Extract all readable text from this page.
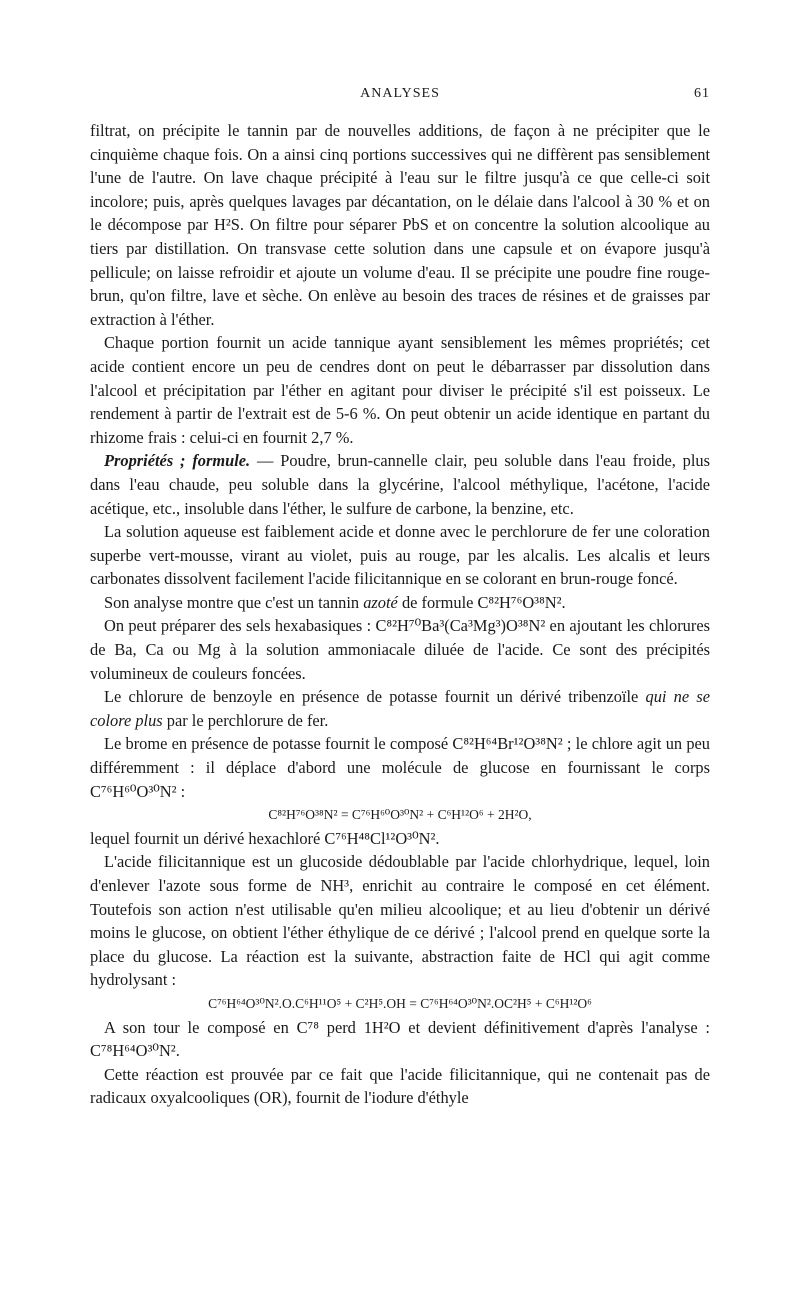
ANALYSES	61

filtrat, on précipite le tannin par de nouvelles additions, de façon à ne précipiter que le cinquième chaque fois. On a ainsi cinq portions successives qui ne diffèrent pas sensiblement l'une de l'autre. On lave chaque précipité à l'eau sur le filtre jusqu'à ce que celle-ci soit incolore; puis, après quelques lavages par décantation, on le délaie dans l'alcool à 30 % et on le décompose par H²S. On filtre pour séparer PbS et on concentre la solution alcoolique au tiers par distillation. On transvase cette solution dans une capsule et on évapore jusqu'à pellicule; on laisse refroidir et ajoute un volume d'eau. Il se précipite une poudre fine rouge-brun, qu'on filtre, lave et sèche. On enlève au besoin des traces de résines et de graisses par extraction à l'éther.

Chaque portion fournit un acide tannique ayant sensiblement les mêmes propriétés; cet acide contient encore un peu de cendres dont on peut le débarrasser par dissolution dans l'alcool et précipitation par l'éther en agitant pour diviser le précipité s'il est poisseux. Le rendement à partir de l'extrait est de 5-6 %. On peut obtenir un acide identique en partant du rhizome frais : celui-ci en fournit 2,7 %.

Propriétés ; formule. — Poudre, brun-cannelle clair, peu soluble dans l'eau froide, plus dans l'eau chaude, peu soluble dans la glycérine, l'alcool méthylique, l'acétone, l'acide acétique, etc., insoluble dans l'éther, le sulfure de carbone, la benzine, etc.

La solution aqueuse est faiblement acide et donne avec le perchlorure de fer une coloration superbe vert-mousse, virant au violet, puis au rouge, par les alcalis. Les alcalis et leurs carbonates dissolvent facilement l'acide filicitannique en se colorant en brun-rouge foncé.

Son analyse montre que c'est un tannin azoté de formule C⁸²H⁷⁶O³⁸N².

On peut préparer des sels hexabasiques : C⁸²H⁷⁰Ba³(Ca³Mg³)O³⁸N² en ajoutant les chlorures de Ba, Ca ou Mg à la solution ammoniacale diluée de l'acide. Ce sont des précipités volumineux de couleurs foncées.

Le chlorure de benzoyle en présence de potasse fournit un dérivé tribenzoïle qui ne se colore plus par le perchlorure de fer.

Le brome en présence de potasse fournit le composé C⁸²H⁶⁴Br¹²O³⁸N² ; le chlore agit un peu différemment : il déplace d'abord une molécule de glucose en fournissant le corps C⁷⁶H⁶⁰O³⁰N² :

C⁸²H⁷⁶O³⁸N² = C⁷⁶H⁶⁰O³⁰N² + C⁶H¹²O⁶ + 2H²O,

lequel fournit un dérivé hexachloré C⁷⁶H⁴⁸Cl¹²O³⁰N².

L'acide filicitannique est un glucoside dédoublable par l'acide chlorhydrique, lequel, loin d'enlever l'azote sous forme de NH³, enrichit au contraire le composé en cet élément. Toutefois son action n'est utilisable qu'en milieu alcoolique; et au lieu d'obtenir un dérivé moins le glucose, on obtient l'éther éthylique de ce dérivé ; l'alcool prend en quelque sorte la place du glucose. La réaction est la suivante, abstraction faite de HCl qui agit comme hydrolysant :

C⁷⁶H⁶⁴O³⁰N².O.C⁶H¹¹O⁵ + C²H⁵.OH = C⁷⁶H⁶⁴O³⁰N².OC²H⁵ + C⁶H¹²O⁶

A son tour le composé en C⁷⁸ perd 1H²O et devient définitivement d'après l'analyse : C⁷⁸H⁶⁴O³⁰N².

Cette réaction est prouvée par ce fait que l'acide filicitannique, qui ne contenait pas de radicaux oxyalcooliques (OR), fournit de l'iodure d'éthyle
